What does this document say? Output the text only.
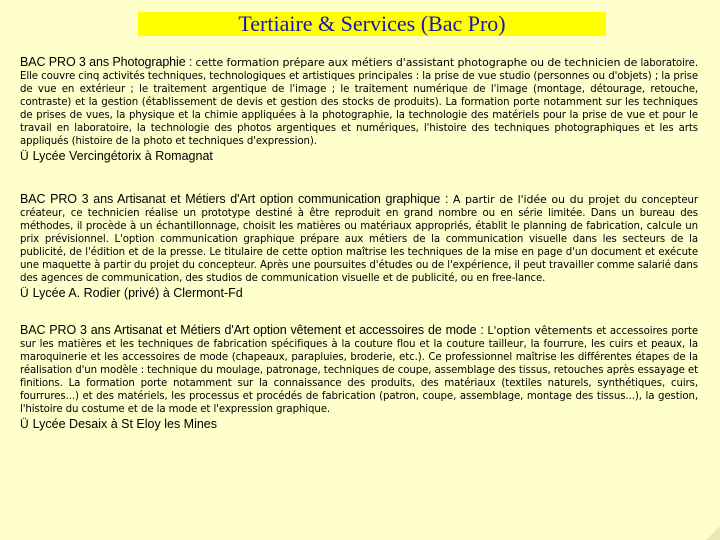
Tertiaire & Services (Bac Pro)

BAC PRO 3 ans Photographie : cette formation prépare aux métiers d'assistant photographe ou de technicien de laboratoire. Elle couvre cinq activités techniques, technologiques et artistiques principales : la prise de vue studio (personnes ou d'objets) ; la prise de vue en extérieur ; le traitement argentique de l'image ; le traitement numérique de l'image (montage, détourage, retouche, contraste) et la gestion (établissement de devis et gestion des stocks de produits). La formation porte notamment sur les techniques de prises de vues, la physique et la chimie appliquées à la photographie, la technologie des matériels pour la prise de vue et pour le travail en laboratoire, la technologie des photos argentiques et numériques, l'histoire des techniques photographiques et les arts appliqués (histoire de la photo et techniques d'expression).

Ü Lycée Vercingétorix à Romagnat

BAC PRO 3 ans Artisanat et Métiers d'Art option communication graphique : A partir de l'idée ou du projet du concepteur créateur, ce technicien réalise un prototype destiné à être reproduit en grand nombre ou en série limitée. Dans un bureau des méthodes, il procède à un échantillonnage, choisit les matières ou matériaux appropriés, établit le planning de fabrication, calcule un prix prévisionnel. L'option communication graphique prépare aux métiers de la communication visuelle dans les secteurs de la publicité, de l'édition et de la presse. Le titulaire de cette option maîtrise les techniques de la mise en page d'un document et exécute une maquette à partir du projet du concepteur. Après une poursuites d'études ou de l'expérience, il peut travailler comme salarié dans des agences de communication, des studios de communication visuelle et de publicité, ou en free-lance.

Ü Lycée A. Rodier (privé) à Clermont-Fd

BAC PRO 3 ans Artisanat et Métiers d'Art option vêtement et accessoires de mode : L'option vêtements et accessoires porte sur les matières et les techniques de fabrication spécifiques à la couture flou et la couture tailleur, la fourrure, les cuirs et peaux, la maroquinerie et les accessoires de mode (chapeaux, parapluies, broderie, etc.). Ce professionnel maîtrise les différentes étapes de la réalisation d'un modèle : technique du moulage, patronage, techniques de coupe, assemblage des tissus, retouches après essayage et finitions. La formation porte notamment sur la connaissance des produits, des matériaux (textiles naturels, synthétiques, cuirs, fourrures...) et des matériels, les processus et procédés de fabrication (patron, coupe, assemblage, montage des tissus...), la gestion, l'histoire du costume et de la mode et l'expression graphique.

Ü Lycée Desaix à St Eloy les Mines
